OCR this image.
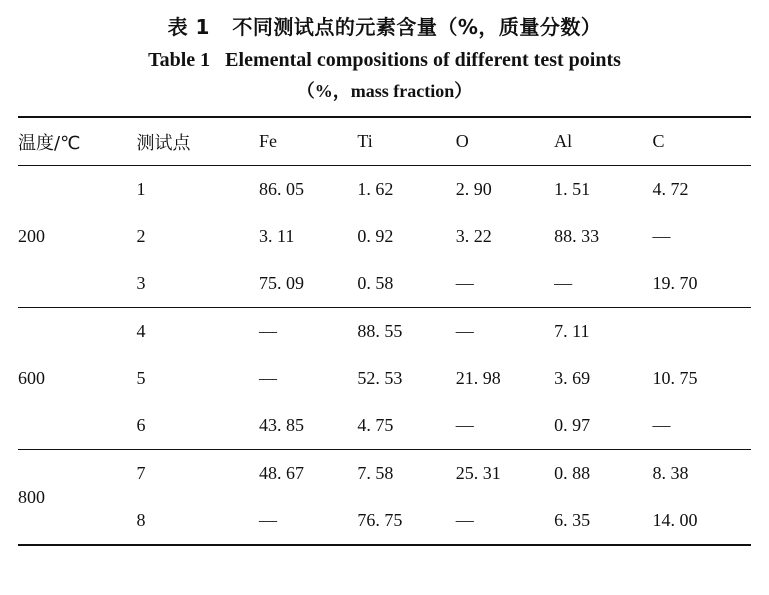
表 1   不同测试点的元素含量（%，质量分数）
Table 1   Elemental compositions of different test points
（%，mass fraction）

温度/℃	测试点	Fe	Ti	O	Al	C

200	1	86. 05	1. 62	2. 90	1. 51	4. 72
	2	3. 11	0. 92	3. 22	88. 33	—
	3	75. 09	0. 58	—	—	19. 70

600	4	—	88. 55	—	7. 11	
	5	—	52. 53	21. 98	3. 69	10. 75
	6	43. 85	4. 75	—	0. 97	—

800	7	48. 67	7. 58	25. 31	0. 88	8. 38
	8	—	76. 75	—	6. 35	14. 00
